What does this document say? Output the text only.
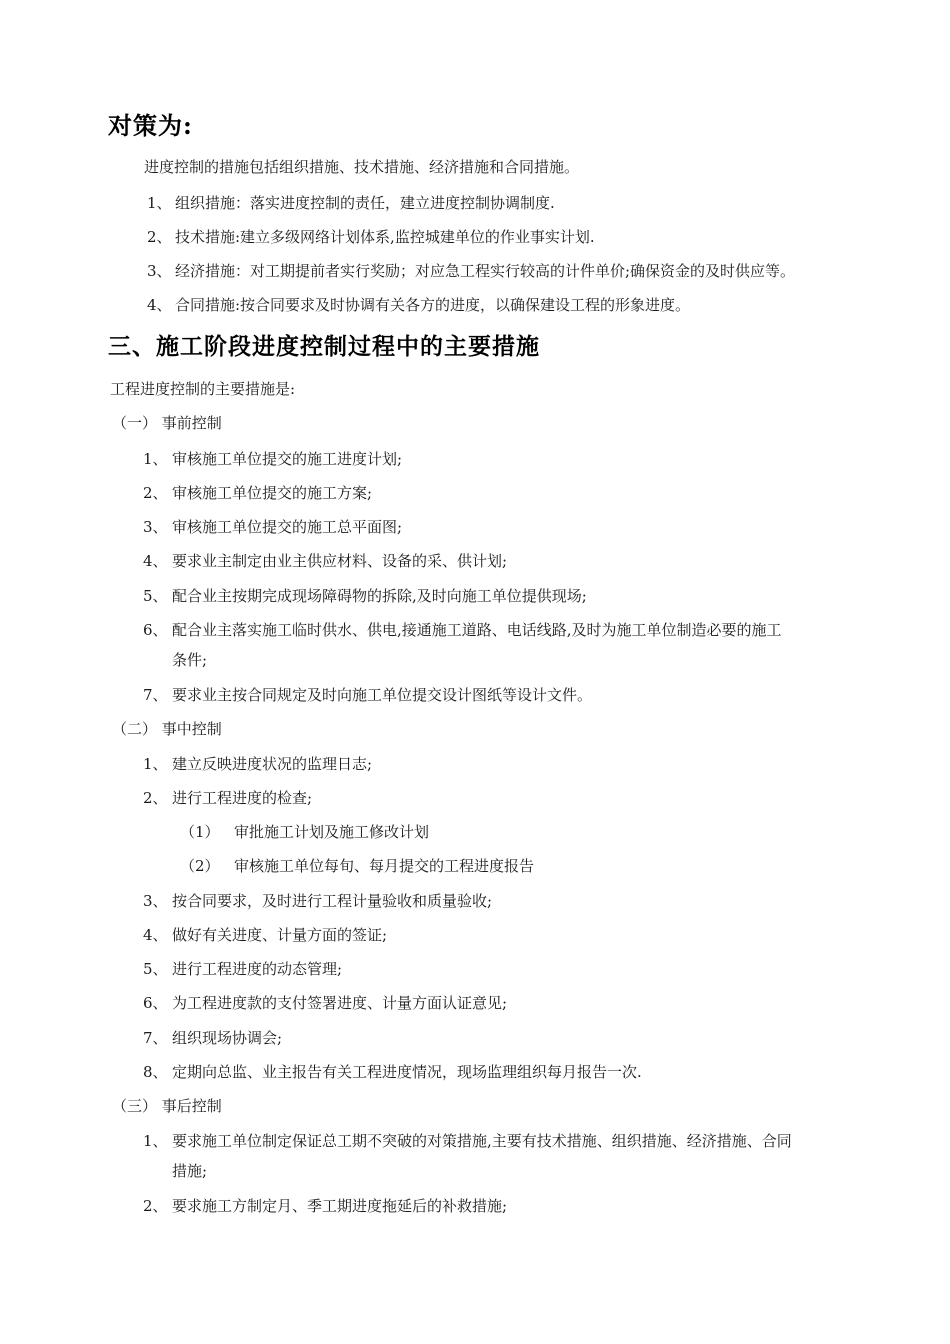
对策为:
进度控制的措施包括组织措施、技术措施、经济措施和合同措施。
1、 组织措施：落实进度控制的责任，建立进度控制协调制度.
2、 技术措施:建立多级网络计划体系,监控城建单位的作业事实计划.
3、 经济措施：对工期提前者实行奖励；对应急工程实行较高的计件单价;确保资金的及时供应等。
4、 合同措施:按合同要求及时协调有关各方的进度，以确保建设工程的形象进度。
三、施工阶段进度控制过程中的主要措施
工程进度控制的主要措施是:
（一） 事前控制
1、 审核施工单位提交的施工进度计划;
2、 审核施工单位提交的施工方案;
3、 审核施工单位提交的施工总平面图;
4、 要求业主制定由业主供应材料、设备的采、供计划;
5、 配合业主按期完成现场障碍物的拆除,及时向施工单位提供现场;
6、 配合业主落实施工临时供水、供电,接通施工道路、电话线路,及时为施工单位制造必要的施工
条件;
7、 要求业主按合同规定及时向施工单位提交设计图纸等设计文件。
（二） 事中控制
1、 建立反映进度状况的监理日志;
2、 进行工程进度的检查;
（1） 审批施工计划及施工修改计划
（2） 审核施工单位每旬、每月提交的工程进度报告
3、 按合同要求，及时进行工程计量验收和质量验收;
4、 做好有关进度、计量方面的签证;
5、 进行工程进度的动态管理;
6、 为工程进度款的支付签署进度、计量方面认证意见;
7、 组织现场协调会;
8、 定期向总监、业主报告有关工程进度情况，现场监理组织每月报告一次.
（三） 事后控制
1、 要求施工单位制定保证总工期不突破的对策措施,主要有技术措施、组织措施、经济措施、合同
措施;
2、 要求施工方制定月、季工期进度拖延后的补救措施;
